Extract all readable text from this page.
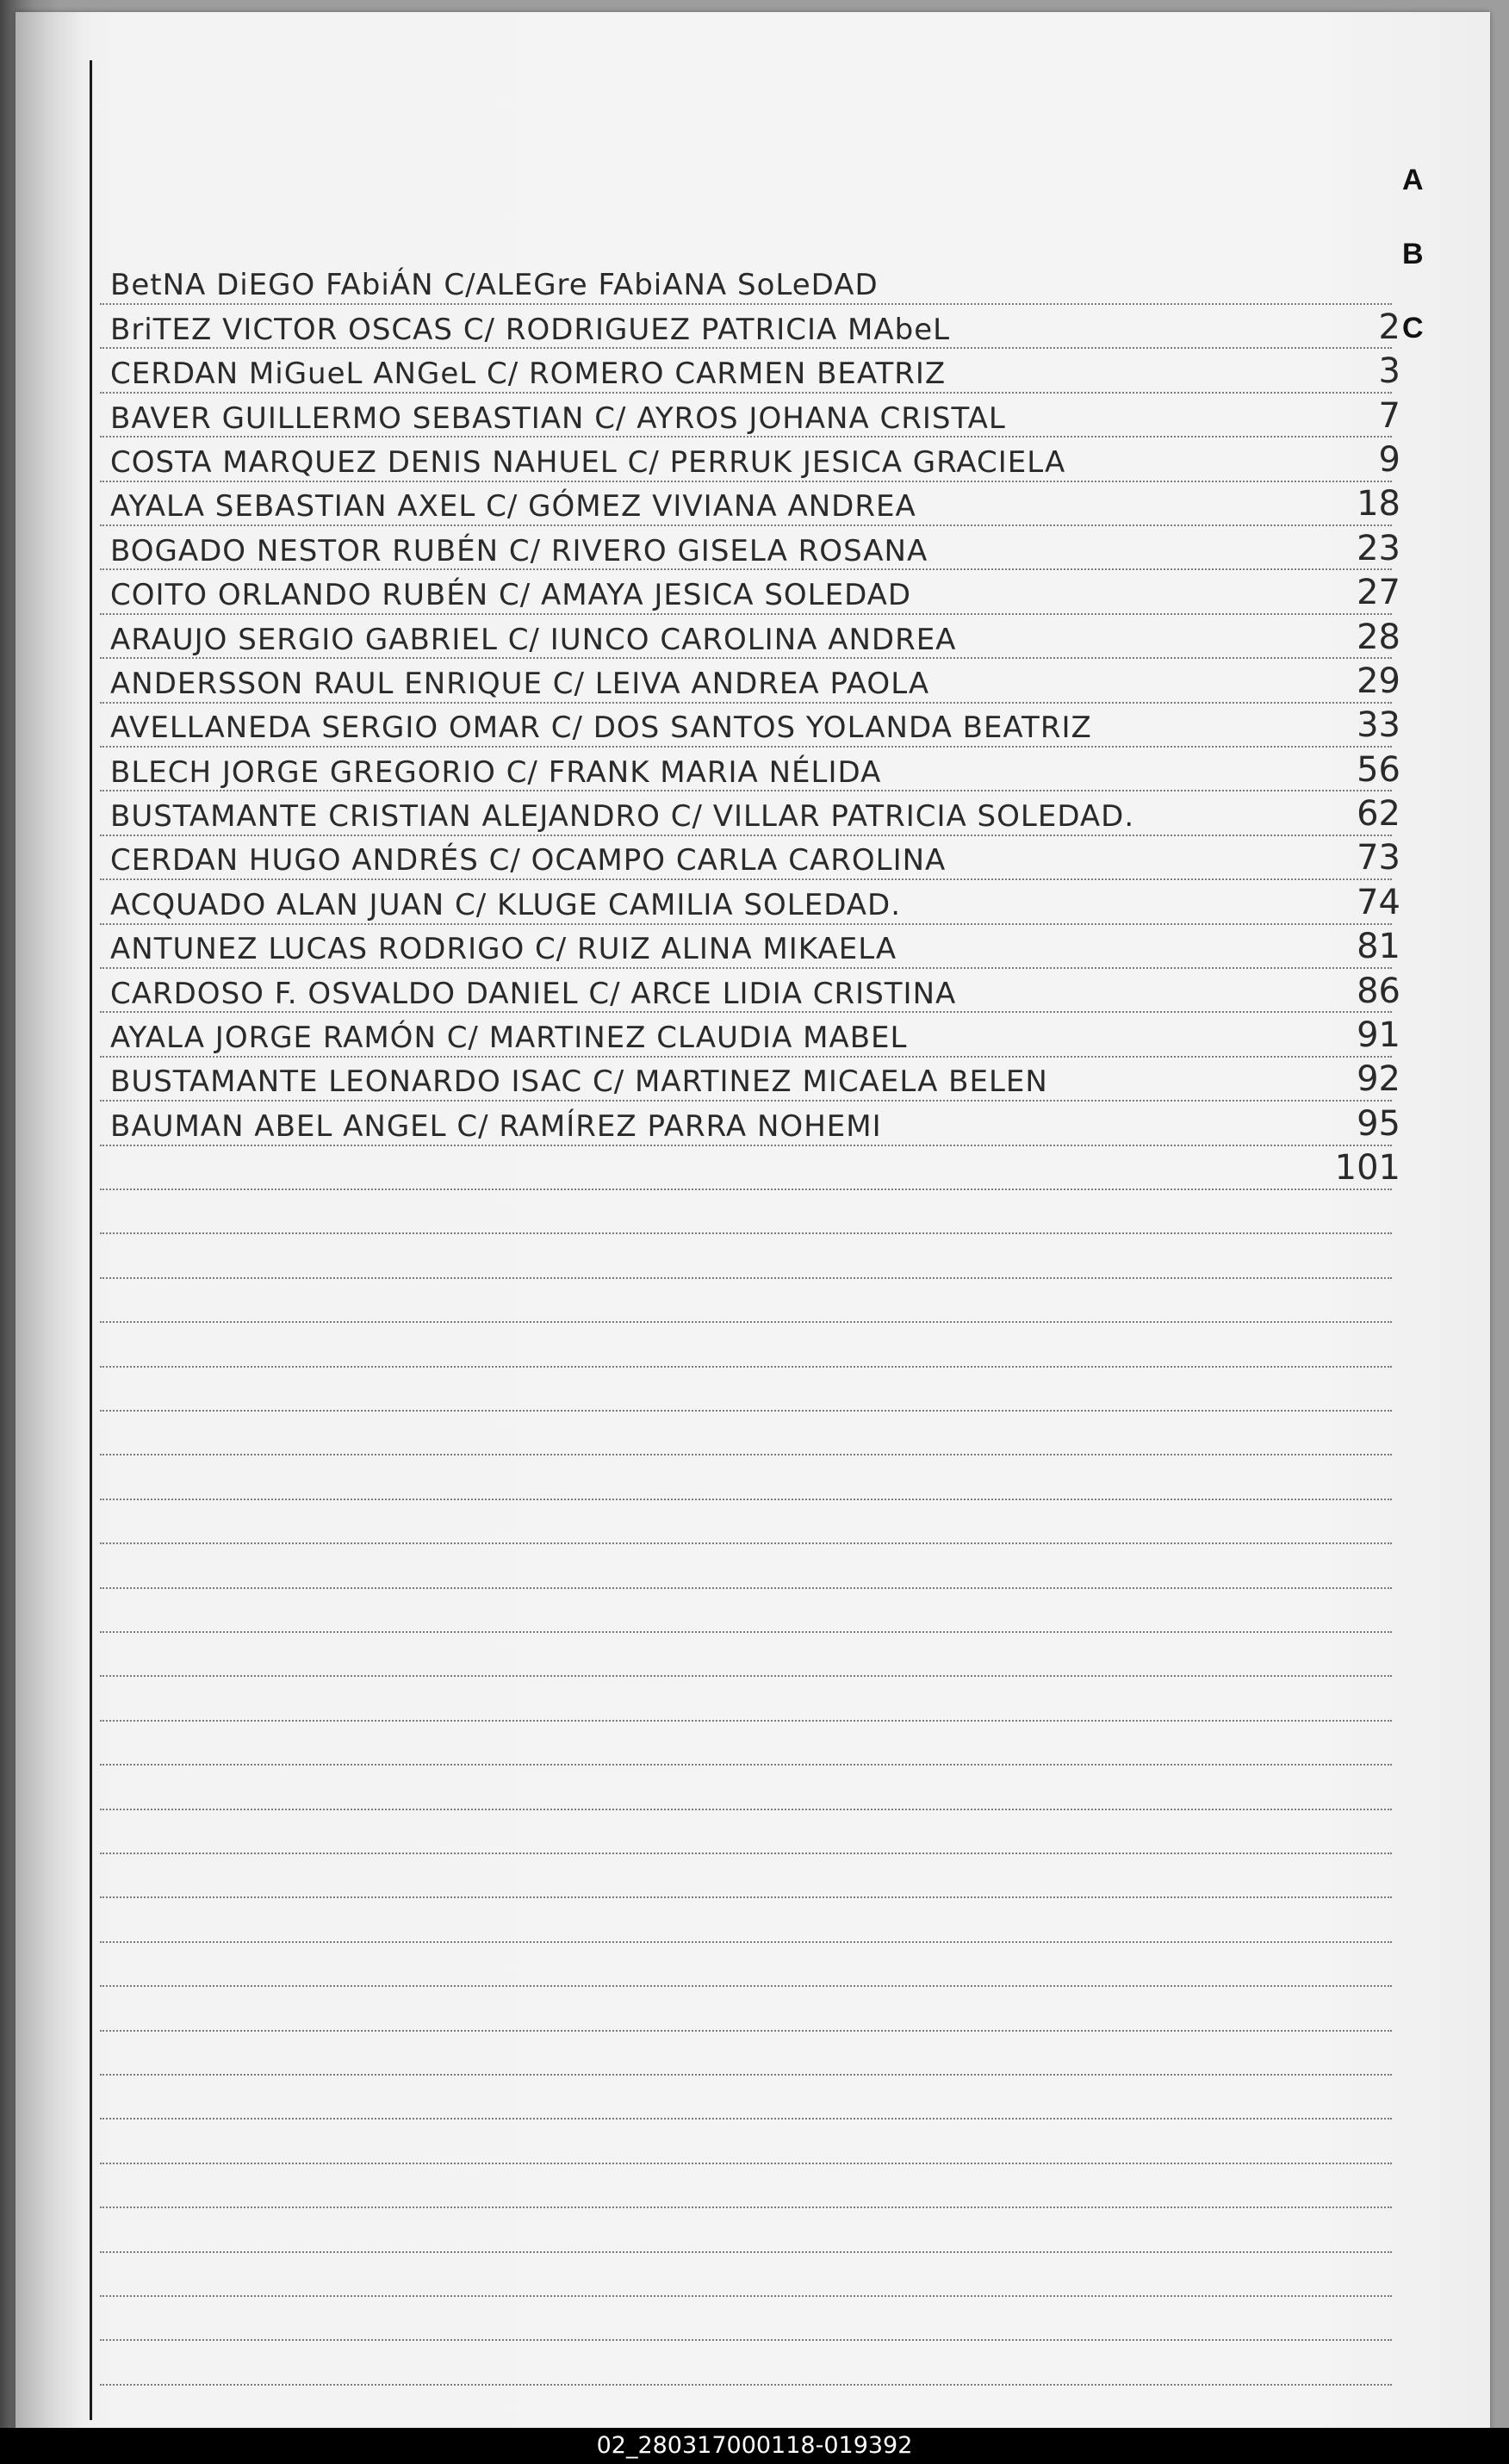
A
B
C
BetNA DiEGO FAbiÁN C/ALEGre FAbiANA SoLeDAD
BriTEZ VICTOR OSCAS C/ RODRIGUEZ PATRICIA MAbeL	2
CERDAN MiGueL ANGeL C/ ROMERO CARMEN BEATRIZ	3
BAVER GUILLERMO SEBASTIAN C/ AYROS JOHANA CRISTAL	7
COSTA MARQUEZ DENIS NAHUEL C/ PERRUK JESICA GRACIELA	9
AYALA SEBASTIAN AXEL C/ GÓMEZ VIVIANA ANDREA	18
BOGADO NESTOR RUBÉN C/ RIVERO GISELA ROSANA	23
COITO ORLANDO RUBÉN C/ AMAYA JESICA SOLEDAD	27
ARAUJO SERGIO GABRIEL C/ IUNCO CAROLINA ANDREA	28
ANDERSSON RAUL ENRIQUE C/ LEIVA ANDREA PAOLA	29
AVELLANEDA SERGIO OMAR C/ DOS SANTOS YOLANDA BEATRIZ	33
BLECH JORGE GREGORIO C/ FRANK MARIA NÉLIDA	56
BUSTAMANTE CRISTIAN ALEJANDRO C/ VILLAR PATRICIA SOLEDAD.	62
CERDAN HUGO ANDRÉS C/ OCAMPO CARLA CAROLINA	73
ACQUADO ALAN JUAN C/ KLUGE CAMILIA SOLEDAD.	74
ANTUNEZ LUCAS RODRIGO C/ RUIZ ALINA MIKAELA	81
CARDOSO F. OSVALDO DANIEL C/ ARCE LIDIA CRISTINA	86
AYALA JORGE RAMÓN C/ MARTINEZ CLAUDIA MABEL	91
BUSTAMANTE LEONARDO ISAC C/ MARTINEZ MICAELA BELEN	92
BAUMAN ABEL ANGEL C/ RAMÍREZ PARRA NOHEMI	95
101
02_280317000118-019392
